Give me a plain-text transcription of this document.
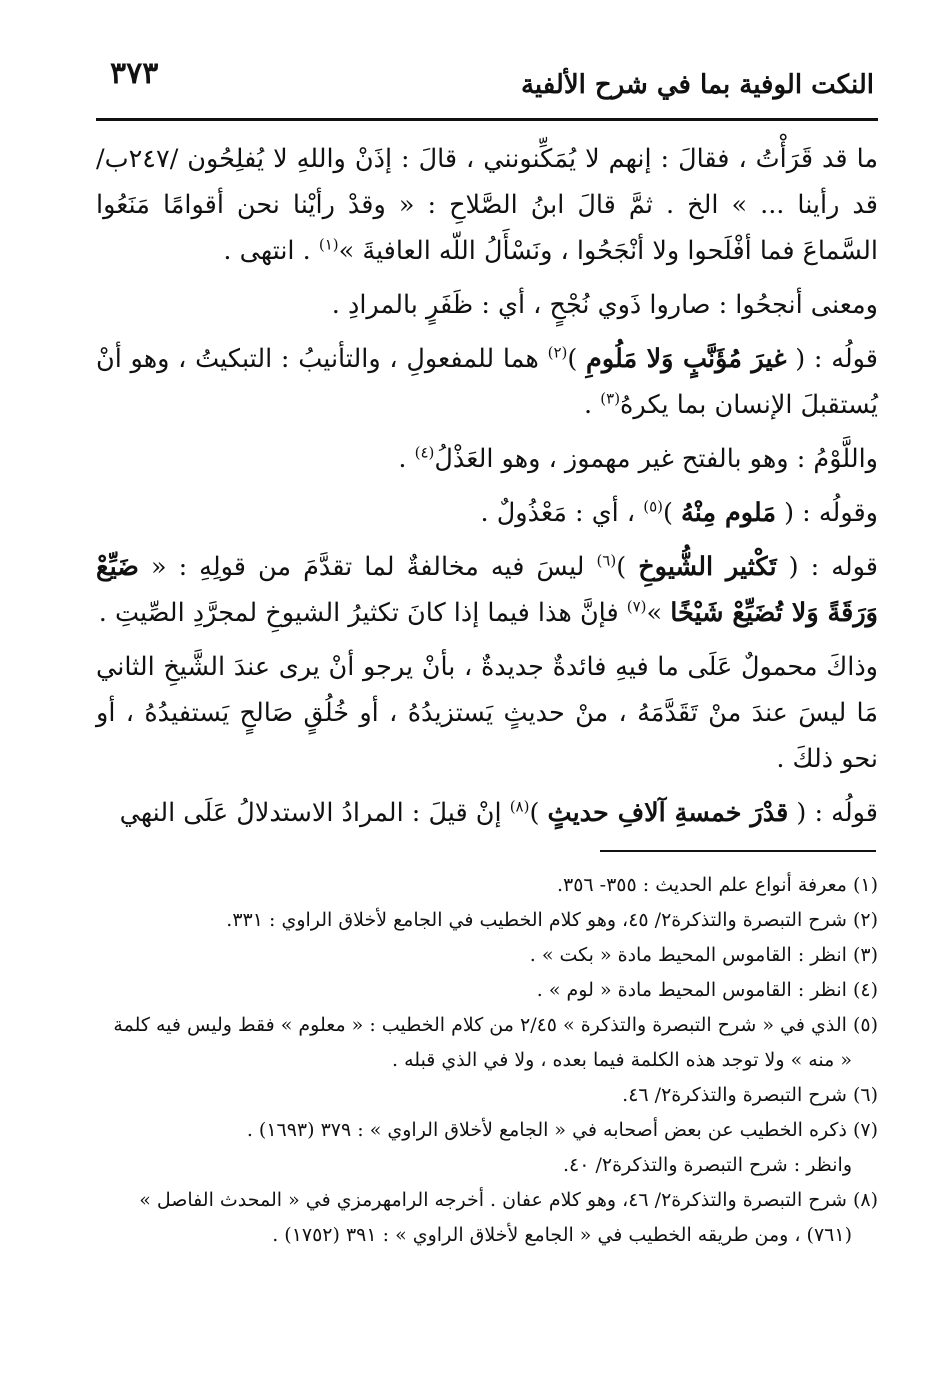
٣٧٣	النكت الوفية بما في شرح الألفية

ما قد قَرَأْتُ ، فقالَ : إنهم لا يُمَكِّنونني ، قالَ : إذَنْ واللهِ لا يُفلِحُون /٢٤٧ب/ قد رأينا ... » الخ . ثمَّ قالَ ابنُ الصَّلاحِ : « وقدْ رأيْنا نحن أقوامًا مَنَعُوا السَّماعَ فما أفْلَحوا ولا أنْجَحُوا ، ونَسْأَلُ اللّه العافيةَ »$^{(١)}$ . انتهى .

ومعنى أنجحُوا : صاروا ذَوي نُجْحٍ ، أي : ظَفَرٍ بالمرادِ .

قولُه : ( غيرَ مُؤَنَّبٍ وَلا مَلُومِ )$^{(٢)}$ هما للمفعولِ ، والتأنيبُ : التبكيتُ ، وهو أنْ يُستقبلَ الإنسان بما يكرهُ$^{(٣)}$ .

واللَّوْمُ : وهو بالفتح غير مهموز ، وهو العَذْلُ$^{(٤)}$ .

وقولُه : ( مَلوم مِنْهُ )$^{(٥)}$ ، أي : مَعْذُولٌ .

قوله : ( تَكْثير الشُّيوخِ )$^{(٦)}$ ليسَ فيه مخالفةٌ لما تقدَّمَ من قولِهِ : « ضَيِّعْ وَرَقَةً وَلا تُضَيِّعْ شَيْخًا »$^{(٧)}$ فإنَّ هذا فيما إذا كانَ تكثيرُ الشيوخِ لمجرَّدِ الصِّيتِ .

وذاكَ محمولٌ عَلَى ما فيهِ فائدةٌ جديدةٌ ، بأنْ يرجو أنْ يرى عندَ الشَّيخِ الثاني مَا ليسَ عندَ منْ تَقَدَّمَهُ ، منْ حديثٍ يَستزيدُهُ ، أو خُلُقٍ صَالحٍ يَستفيدُهُ ، أو نحو ذلكَ .

قولُه : ( قدْرَ خمسةِ آلافِ حديثٍ )$^{(٨)}$ إنْ قيلَ : المرادُ الاستدلالُ عَلَى النهي

(١)معرفة أنواع علم الحديث : ٣٥٥- ٣٥٦.

(٢)شرح التبصرة والتذكرة٢/ ٤٥، وهو كلام الخطيب في الجامع لأخلاق الراوي : ٣٣١.

(٣)انظر : القاموس المحيط مادة « بكت » .

(٤)انظر : القاموس المحيط مادة « لوم » .

(٥)الذي في « شرح التبصرة والتذكرة » ٢/٤٥ من كلام الخطيب : « معلوم » فقط وليس فيه كلمة

« منه » ولا توجد هذه الكلمة فيما بعده ، ولا في الذي قبله .

(٦)شرح التبصرة والتذكرة٢/ ٤٦.

(٧)ذكره الخطيب عن بعض أصحابه في « الجامع لأخلاق الراوي » : ٣٧٩ (١٦٩٣) .

وانظر : شرح التبصرة والتذكرة٢/ ٤٠.

(٨)شرح التبصرة والتذكرة٢/ ٤٦، وهو كلام عفان . أخرجه الرامهرمزي في « المحدث الفاصل »

(٧٦١) ، ومن طريقه الخطيب في « الجامع لأخلاق الراوي » : ٣٩١ (١٧٥٢) .
